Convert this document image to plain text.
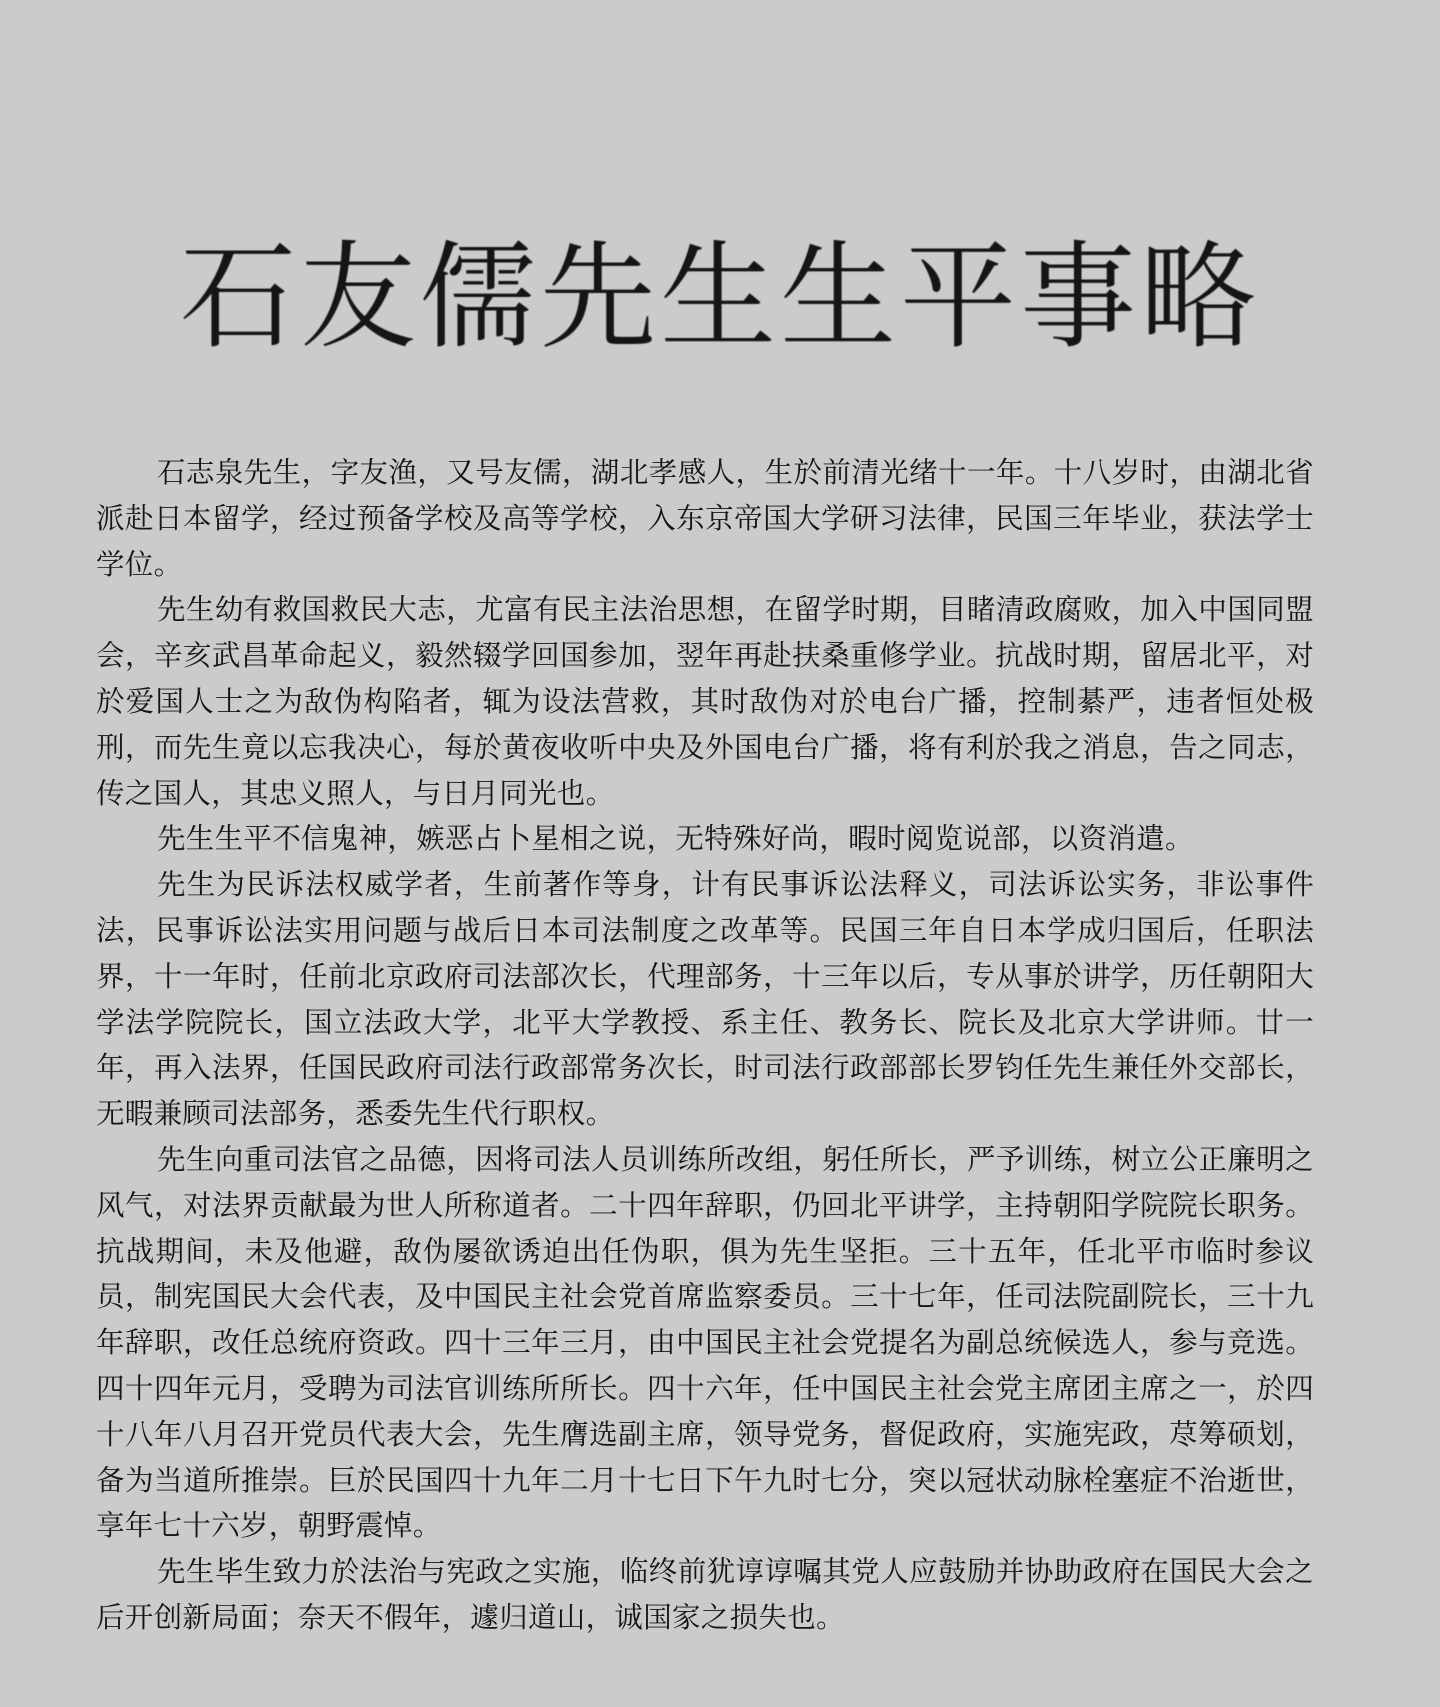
石友儒先生生平事略

石志泉先生，字友渔，又号友儒，湖北孝感人，生於前清光绪十一年。十八岁时，由湖北省派赴日本留学，经过预备学校及高等学校，入东京帝国大学研习法律，民国三年毕业，获法学士学位。

先生幼有救国救民大志，尤富有民主法治思想，在留学时期，目睹清政腐败，加入中国同盟会，辛亥武昌革命起义，毅然辍学回国参加，翌年再赴扶桑重修学业。抗战时期，留居北平，对於爱国人士之为敌伪构陷者，辄为设法营救，其时敌伪对於电台广播，控制綦严，违者恒处极刑，而先生竟以忘我决心，每於黄夜收听中央及外国电台广播，将有利於我之消息，告之同志，传之国人，其忠义照人，与日月同光也。

先生生平不信鬼神，嫉恶占卜星相之说，无特殊好尚，暇时阅览说部，以资消遣。

先生为民诉法权威学者，生前著作等身，计有民事诉讼法释义，司法诉讼实务，非讼事件法，民事诉讼法实用问题与战后日本司法制度之改革等。民国三年自日本学成归国后，任职法界，十一年时，任前北京政府司法部次长，代理部务，十三年以后，专从事於讲学，历任朝阳大学法学院院长，国立法政大学，北平大学教授、系主任、教务长、院长及北京大学讲师。廿一年，再入法界，任国民政府司法行政部常务次长，时司法行政部部长罗钧任先生兼任外交部长，无暇兼顾司法部务，悉委先生代行职权。

先生向重司法官之品德，因将司法人员训练所改组，躬任所长，严予训练，树立公正廉明之风气，对法界贡献最为世人所称道者。二十四年辞职，仍回北平讲学，主持朝阳学院院长职务。抗战期间，未及他避，敌伪屡欲诱迫出任伪职，俱为先生坚拒。三十五年，任北平市临时参议员，制宪国民大会代表，及中国民主社会党首席监察委员。三十七年，任司法院副院长，三十九年辞职，改任总统府资政。四十三年三月，由中国民主社会党提名为副总统候选人，参与竞选。四十四年元月，受聘为司法官训练所所长。四十六年，任中国民主社会党主席团主席之一，於四十八年八月召开党员代表大会，先生膺选副主席，领导党务，督促政府，实施宪政，荩筹硕划，备为当道所推崇。巨於民国四十九年二月十七日下午九时七分，突以冠状动脉栓塞症不治逝世，享年七十六岁，朝野震悼。

先生毕生致力於法治与宪政之实施，临终前犹谆谆嘱其党人应鼓励并协助政府在国民大会之后开创新局面；奈天不假年，遽归道山，诚国家之损失也。
